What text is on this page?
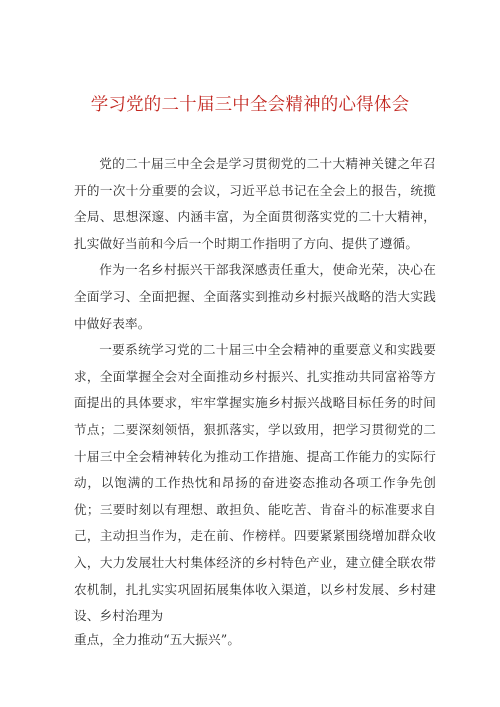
学习党的二十届三中全会精神的心得体会

党的二十届三中全会是学习贯彻党的二十大精神关键之年召开的一次十分重要的会议，习近平总书记在全会上的报告，统揽全局、思想深邃、内涵丰富，为全面贯彻落实党的二十大精神，扎实做好当前和今后一个时期工作指明了方向、提供了遵循。

作为一名乡村振兴干部我深感责任重大，使命光荣，决心在全面学习、全面把握、全面落实到推动乡村振兴战略的浩大实践中做好表率。

一要系统学习党的二十届三中全会精神的重要意义和实践要求，全面掌握全会对全面推动乡村振兴、扎实推动共同富裕等方面提出的具体要求，牢牢掌握实施乡村振兴战略目标任务的时间节点；二要深刻领悟，狠抓落实，学以致用，把学习贯彻党的二十届三中全会精神转化为推动工作措施、提高工作能力的实际行动，以饱满的工作热忱和昂扬的奋进姿态推动各项工作争先创优；三要时刻以有理想、敢担负、能吃苦、肯奋斗的标准要求自己，主动担当作为，走在前、作榜样。四要紧紧围绕增加群众收入，大力发展壮大村集体经济的乡村特色产业，建立健全联农带农机制，扎扎实实巩固拓展集体收入渠道，以乡村发展、乡村建设、乡村治理为

重点，全力推动“五大振兴”。
